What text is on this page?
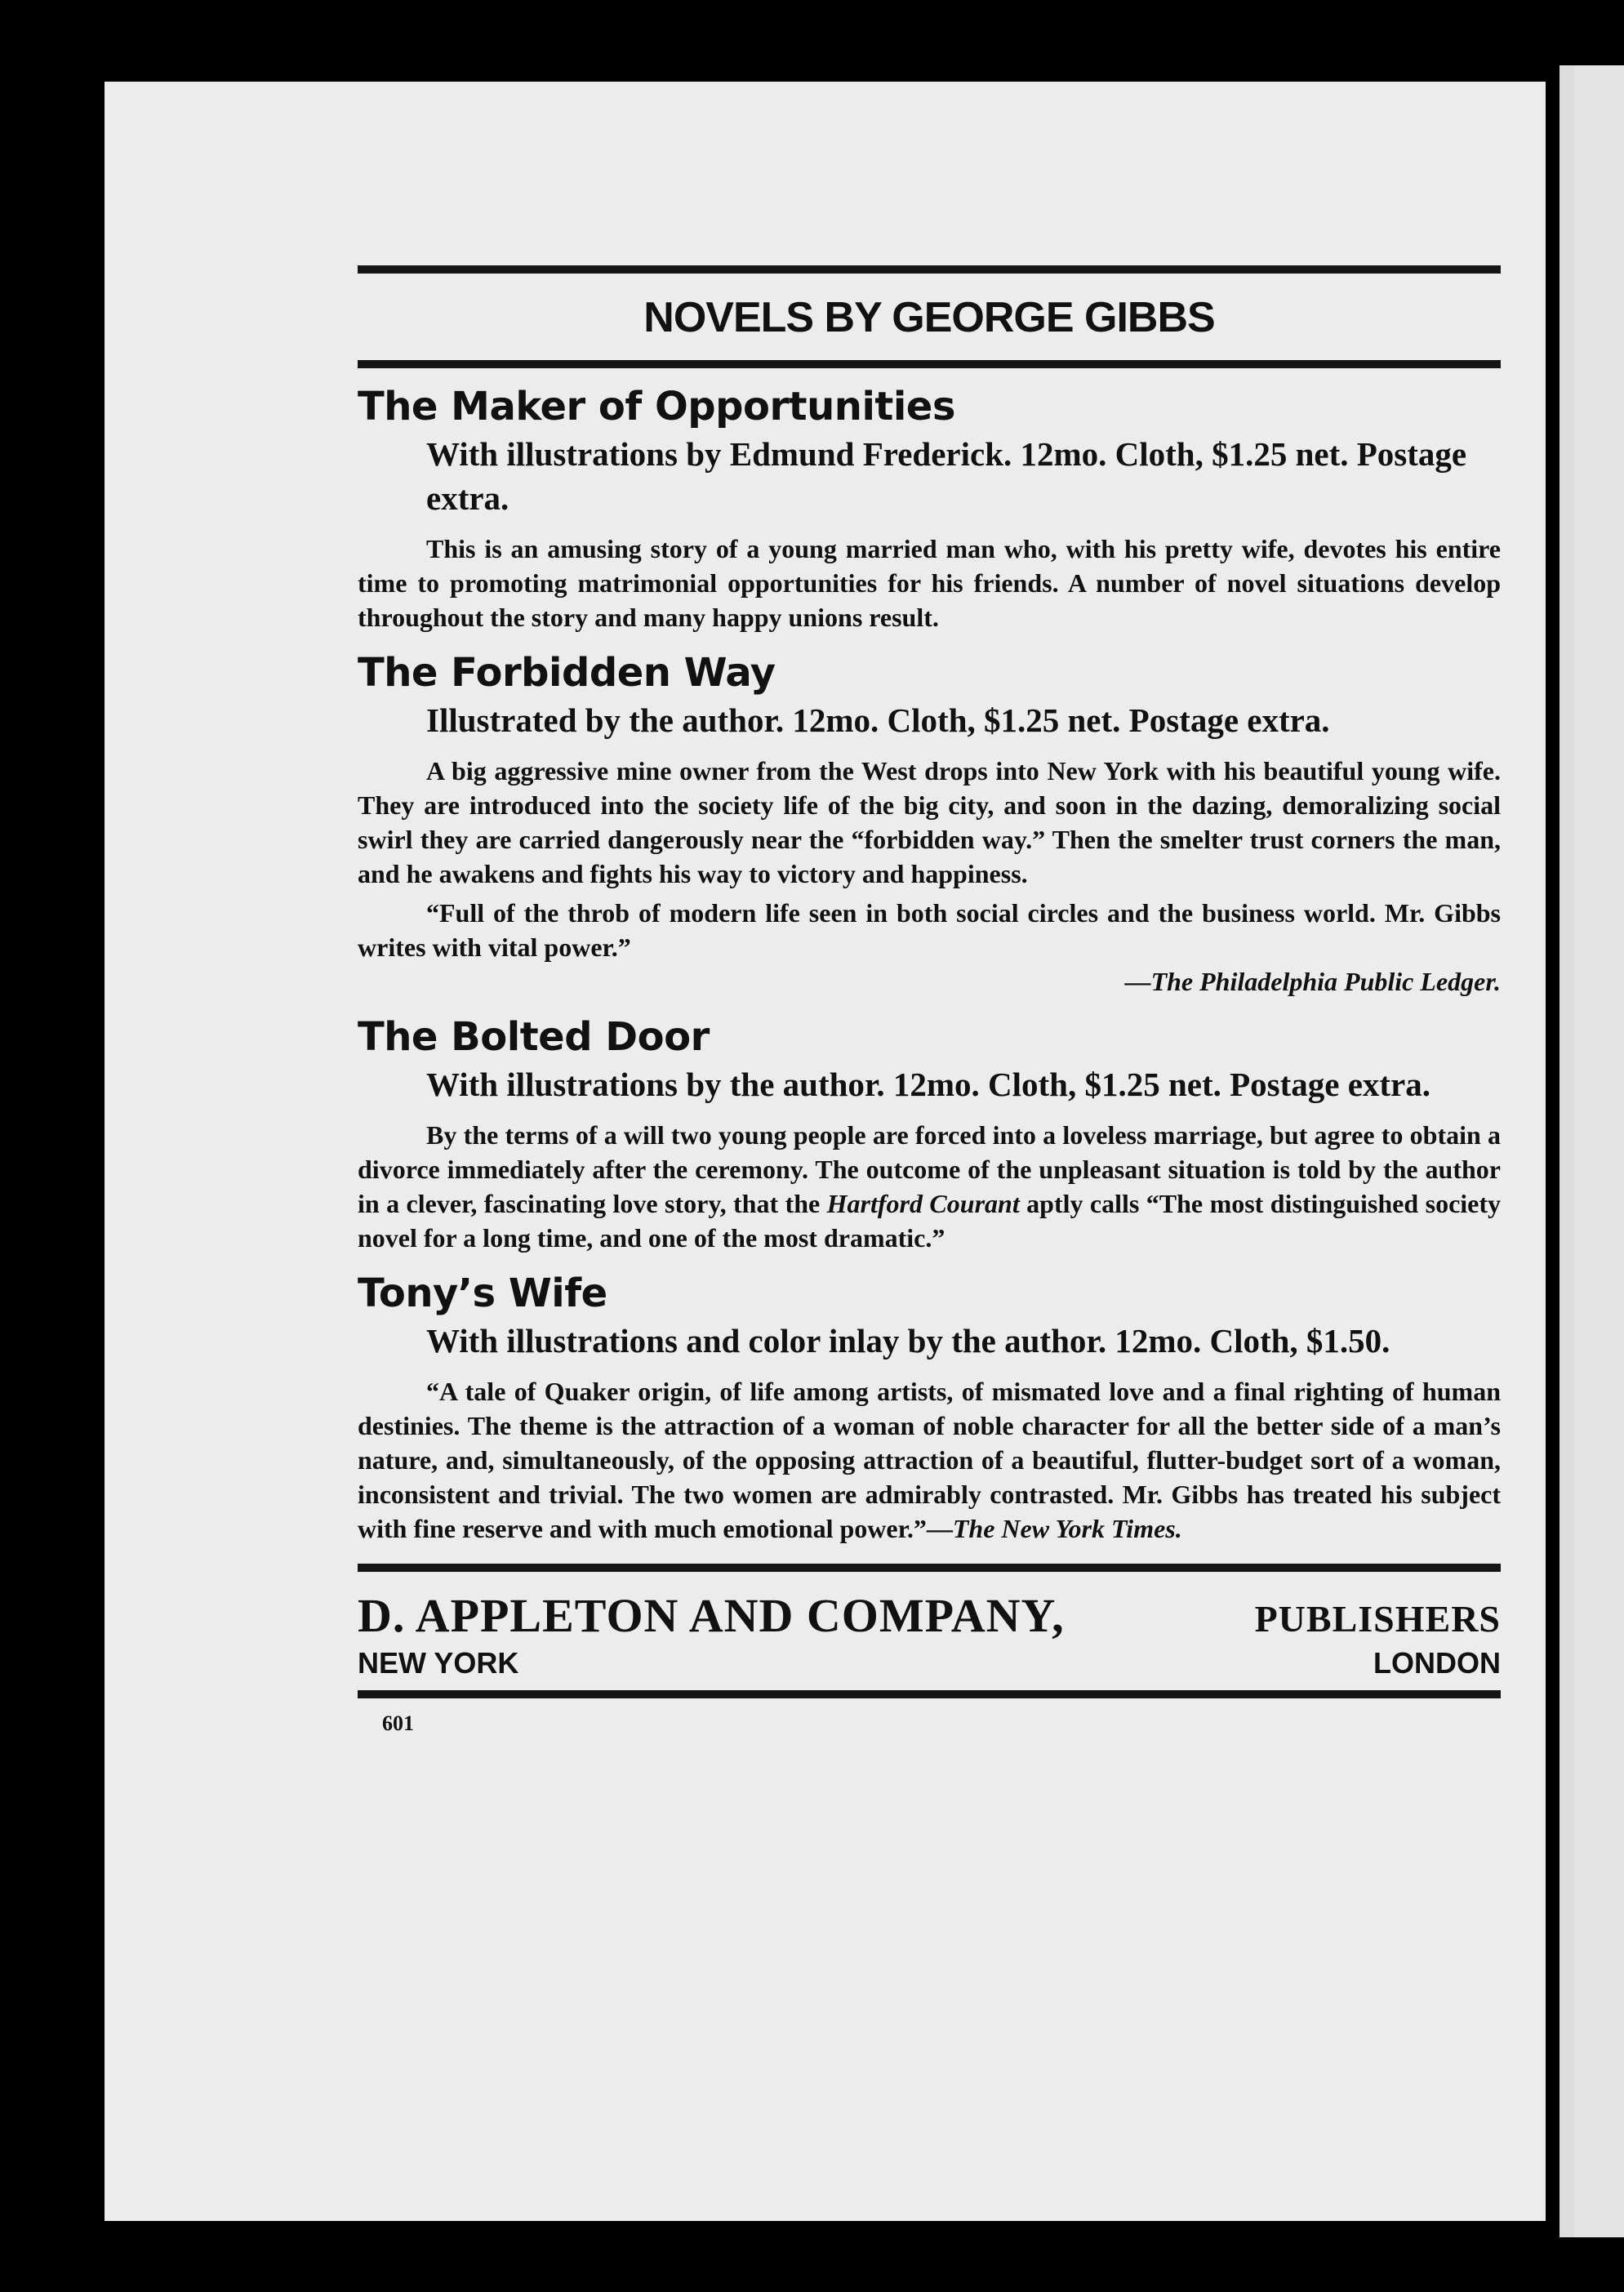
NOVELS BY GEORGE GIBBS
The Maker of Opportunities
With illustrations by Edmund Frederick. 12mo. Cloth, $1.25 net. Postage extra.
This is an amusing story of a young married man who, with his pretty wife, devotes his entire time to promoting matrimonial opportunities for his friends. A number of novel situations develop throughout the story and many happy unions result.
The Forbidden Way
Illustrated by the author. 12mo. Cloth, $1.25 net. Postage extra.
A big aggressive mine owner from the West drops into New York with his beautiful young wife. They are introduced into the society life of the big city, and soon in the dazing, demoralizing social swirl they are carried dangerously near the “forbidden way.” Then the smelter trust corners the man, and he awakens and fights his way to victory and happiness.
“Full of the throb of modern life seen in both social circles and the business world. Mr. Gibbs writes with vital power.”
—The Philadelphia Public Ledger.
The Bolted Door
With illustrations by the author. 12mo. Cloth, $1.25 net. Postage extra.
By the terms of a will two young people are forced into a loveless marriage, but agree to obtain a divorce immediately after the ceremony. The outcome of the unpleasant situation is told by the author in a clever, fascinating love story, that the Hartford Courant aptly calls “The most distinguished society novel for a long time, and one of the most dramatic.”
Tony’s Wife
With illustrations and color inlay by the author. 12mo. Cloth, $1.50.
“A tale of Quaker origin, of life among artists, of mismated love and a final righting of human destinies. The theme is the attraction of a woman of noble character for all the better side of a man’s nature, and, simultaneously, of the opposing attraction of a beautiful, flutter-budget sort of a woman, inconsistent and trivial. The two women are admirably contrasted. Mr. Gibbs has treated his subject with fine reserve and with much emotional power.”—The New York Times.
D. APPLETON AND COMPANY,	PUBLISHERS
NEW YORK	LONDON
601
